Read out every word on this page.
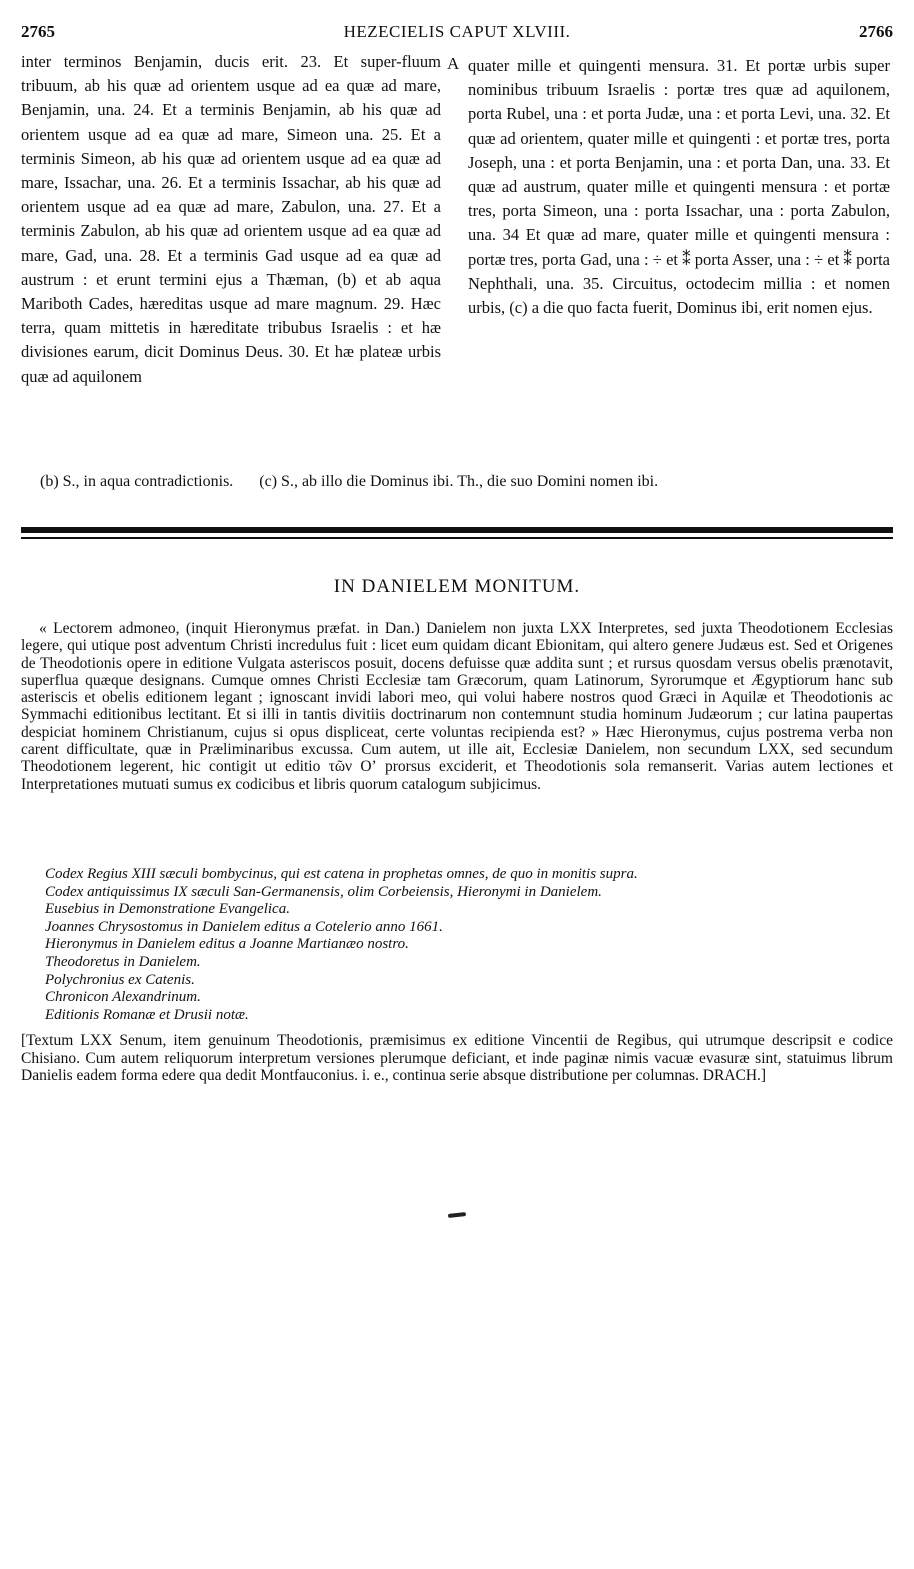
2765	HEZECIELIS CAPUT XLVIII.	2766
inter terminos Benjamin, ducis erit. 23. Et super-fluum tribuum, ab his quæ ad orientem usque ad ea quæ ad mare, Benjamin, una. 24. Et a terminis Benjamin, ab his quæ ad orientem usque ad ea quæ ad mare, Simeon una. 25. Et a terminis Simeon, ab his quæ ad orientem usque ad ea quæ ad mare, Issachar, una. 26. Et a terminis Issachar, ab his quæ ad orientem usque ad ea quæ ad mare, Zabulon, una. 27. Et a terminis Zabulon, ab his quæ ad orientem usque ad ea quæ ad mare, Gad, una. 28. Et a terminis Gad usque ad ea quæ ad austrum : et erunt termini ejus a Thæman, (b) et ab aqua Mariboth Cades, hæreditas usque ad mare magnum. 29. Hæc terra, quam mittetis in hæreditate tribubus Israelis : et hæ divisiones earum, dicit Dominus Deus. 30. Et hæ plateæ urbis quæ ad aquilonem
A quater mille et quingenti mensura. 31. Et portæ urbis super nominibus tribuum Israelis : portæ tres quæ ad aquilonem, porta Rubel, una : et porta Judæ, una : et porta Levi, una. 32. Et quæ ad orientem, quater mille et quingenti : et portæ tres, porta Joseph, una : et porta Benjamin, una : et porta Dan, una. 33. Et quæ ad austrum, quater mille et quingenti mensura : et portæ tres, porta Simeon, una : porta Issachar, una : porta Zabulon, una. 34 Et quæ ad mare, quater mille et quingenti mensura : portæ tres, porta Gad, una : ÷ et ⁑ porta Asser, una : ÷ et ⁑ porta Nephthali, una. 35. Circuitus, octodecim millia : et nomen urbis, (c) a die quo facta fuerit, Dominus ibi, erit nomen ejus.
(b) S., in aqua contradictionis. (c) S., ab illo die Dominus ibi. Th., die suo Domini nomen ibi.
IN DANIELEM MONITUM.

« Lectorem admoneo, (inquit Hieronymus præfat. in Dan.) Danielem non juxta LXX Interpretes, sed juxta Theodotionem Ecclesias legere, qui utique post adventum Christi incredulus fuit : licet eum quidam dicant Ebionitam, qui altero genere Judæus est. Sed et Origenes de Theodotionis opere in editione Vulgata asteriscos posuit, docens defuisse quæ addita sunt ; et rursus quosdam versus obelis prænotavit, superflua quæque designans. Cumque omnes Christi Ecclesiæ tam Græcorum, quam Latinorum, Syrorumque et Ægyptiorum hanc sub asteriscis et obelis editionem legant ; ignoscant invidi labori meo, qui volui habere nostros quod Græci in Aquilæ et Theodotionis ac Symmachi editionibus lectitant. Et si illi in tantis divitiis doctrinarum non contemnunt studia hominum Judæorum ; cur latina paupertas despiciat hominem Christianum, cujus si opus displiceat, certe voluntas recipienda est? » Hæc Hieronymus, cujus postrema verba non carent difficultate, quæ in Præliminaribus excussa. Cum autem, ut ille ait, Ecclesiæ Danielem, non secundum LXX, sed secundum Theodotionem legerent, hic contigit ut editio τῶν Οʼ prorsus exciderit, et Theodotionis sola remanserit. Varias autem lectiones et Interpretationes mutuati sumus ex codicibus et libris quorum catalogum subjicimus.

Codex Regius XIII sæculi bombycinus, qui est catena in prophetas omnes, de quo in monitis supra.
Codex antiquissimus IX sæculi San-Germanensis, olim Corbeiensis, Hieronymi in Danielem.
Eusebius in Demonstratione Evangelica.
Joannes Chrysostomus in Danielem editus a Cotelerio anno 1661.
Hieronymus in Danielem editus a Joanne Martianæo nostro.
Theodoretus in Danielem.
Polychronius ex Catenis.
Chronicon Alexandrinum.
Editionis Romanæ et Drusii notæ.
[Textum LXX Senum, item genuinum Theodotionis, præmisimus ex editione Vincentii de Regibus, qui utrumque descripsit e codice Chisiano. Cum autem reliquorum interpretum versiones plerumque deficiant, et inde paginæ nimis vacuæ evasuræ sint, statuimus librum Danielis eadem forma edere qua dedit Montfauconius. i. e., continua serie absque distributione per columnas. DRACH.]
